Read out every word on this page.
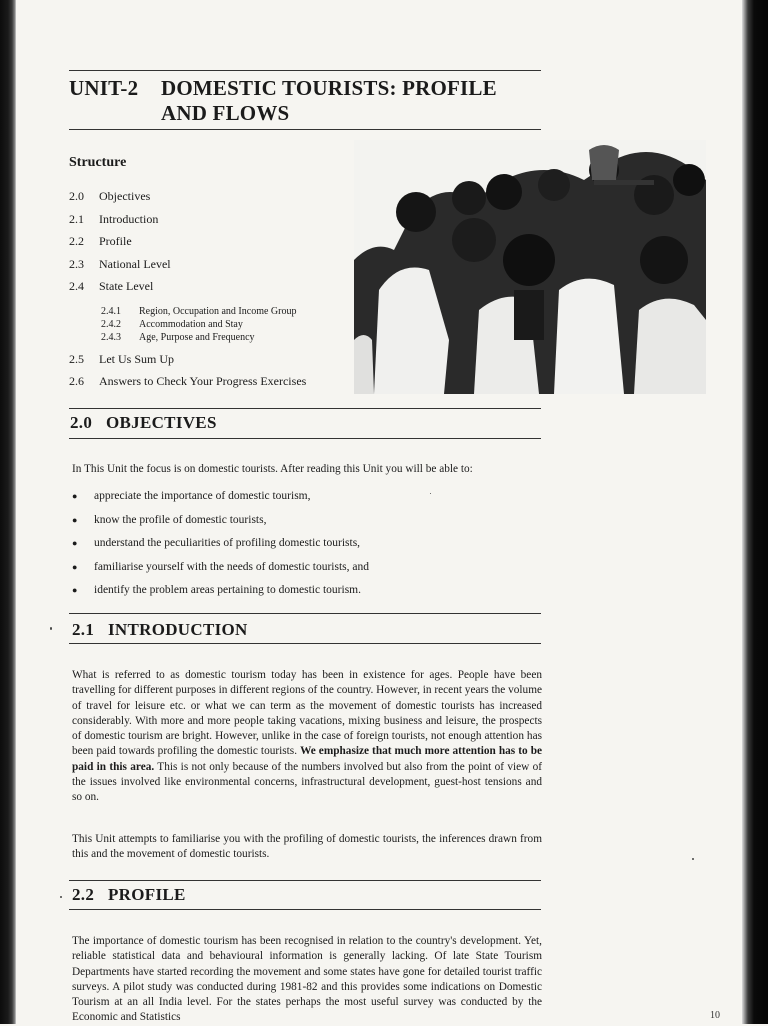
UNIT-2 DOMESTIC TOURISTS: PROFILE
AND FLOWS
Structure
2.0 Objectives
2.1 Introduction
2.2 Profile
2.3 National Level
2.4 State Level
2.4.1 Region, Occupation and Income Group
2.4.2 Accommodation and Stay
2.4.3 Age, Purpose and Frequency
2.5 Let Us Sum Up
2.6 Answers to Check Your Progress Exercises
2.0 OBJECTIVES
In This Unit the focus is on domestic tourists. After reading this Unit you will be able to:
●	appreciate the importance of domestic tourism,
●	know the profile of domestic tourists,
●	understand the peculiarities of profiling domestic tourists,
●	familiarise yourself with the needs of domestic tourists, and
●	identify the problem areas pertaining to domestic tourism.
2.1 INTRODUCTION
What is referred to as domestic tourism today has been in existence for ages. People have been travelling for different purposes in different regions of the country. However, in recent years the volume of travel for leisure etc. or what we can term as the movement of domestic tourists has increased considerably. With more and more people taking vacations, mixing business and leisure, the prospects of domestic tourism are bright. However, unlike in the case of foreign tourists, not enough attention has been paid towards profiling the domestic tourists. We emphasize that much more attention has to be paid in this area. This is not only because of the numbers involved but also from the point of view of the issues involved like environmental concerns, infrastructural development, guest-host tensions and so on.
This Unit attempts to familiarise you with the profiling of domestic tourists, the inferences drawn from this and the movement of domestic tourists.
2.2 PROFILE
The importance of domestic tourism has been recognised in relation to the country's development. Yet, reliable statistical data and behavioural information is generally lacking. Of late State Tourism Departments have started recording the movement and some states have gone for detailed tourist traffic surveys. A pilot study was conducted during 1981-82 and this provides some indications on Domestic Tourism at an all India level. For the states perhaps the most useful survey was conducted by the Economic and Statistics	10
